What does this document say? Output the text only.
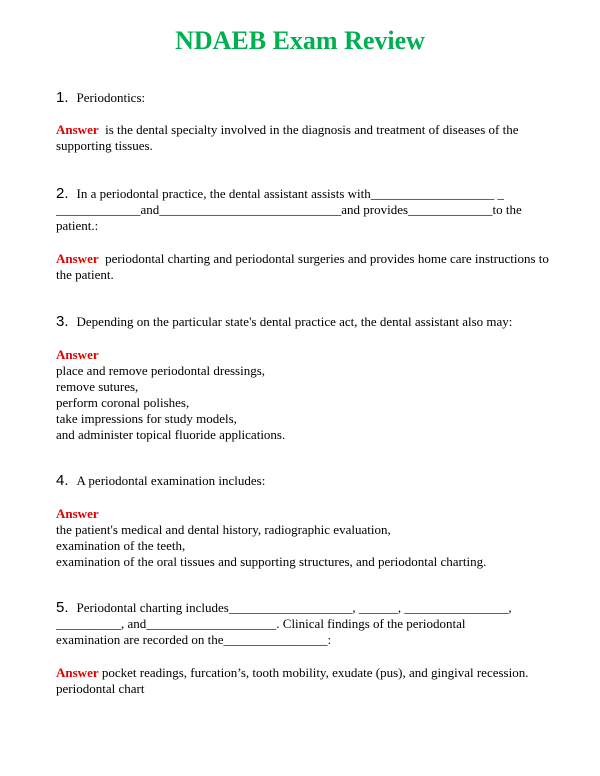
NDAEB Exam Review
1. Periodontics:
Answer is the dental specialty involved in the diagnosis and treatment of diseases of the supporting tissues.
2. In a periodontal practice, the dental assistant assists with___________________ _
_____________and____________________________and provides_____________to the
patient.:
Answer periodontal charting and periodontal surgeries and provides home care instructions to the patient.
3. Depending on the particular state's dental practice act, the dental assistant also may:
Answer
place and remove periodontal dressings,
remove sutures,
perform coronal polishes,
take impressions for study models,
and administer topical fluoride applications.
4. A periodontal examination includes:
Answer
the patient's medical and dental history, radiographic evaluation,
examination of the teeth,
examination of the oral tissues and supporting structures, and periodontal charting.
5. Periodontal charting includes___________________, ______, ________________,
__________, and____________________. Clinical findings of the periodontal
examination are recorded on the________________:
Answer pocket readings, furcation’s, tooth mobility, exudate (pus), and gingival recession.
periodontal chart
